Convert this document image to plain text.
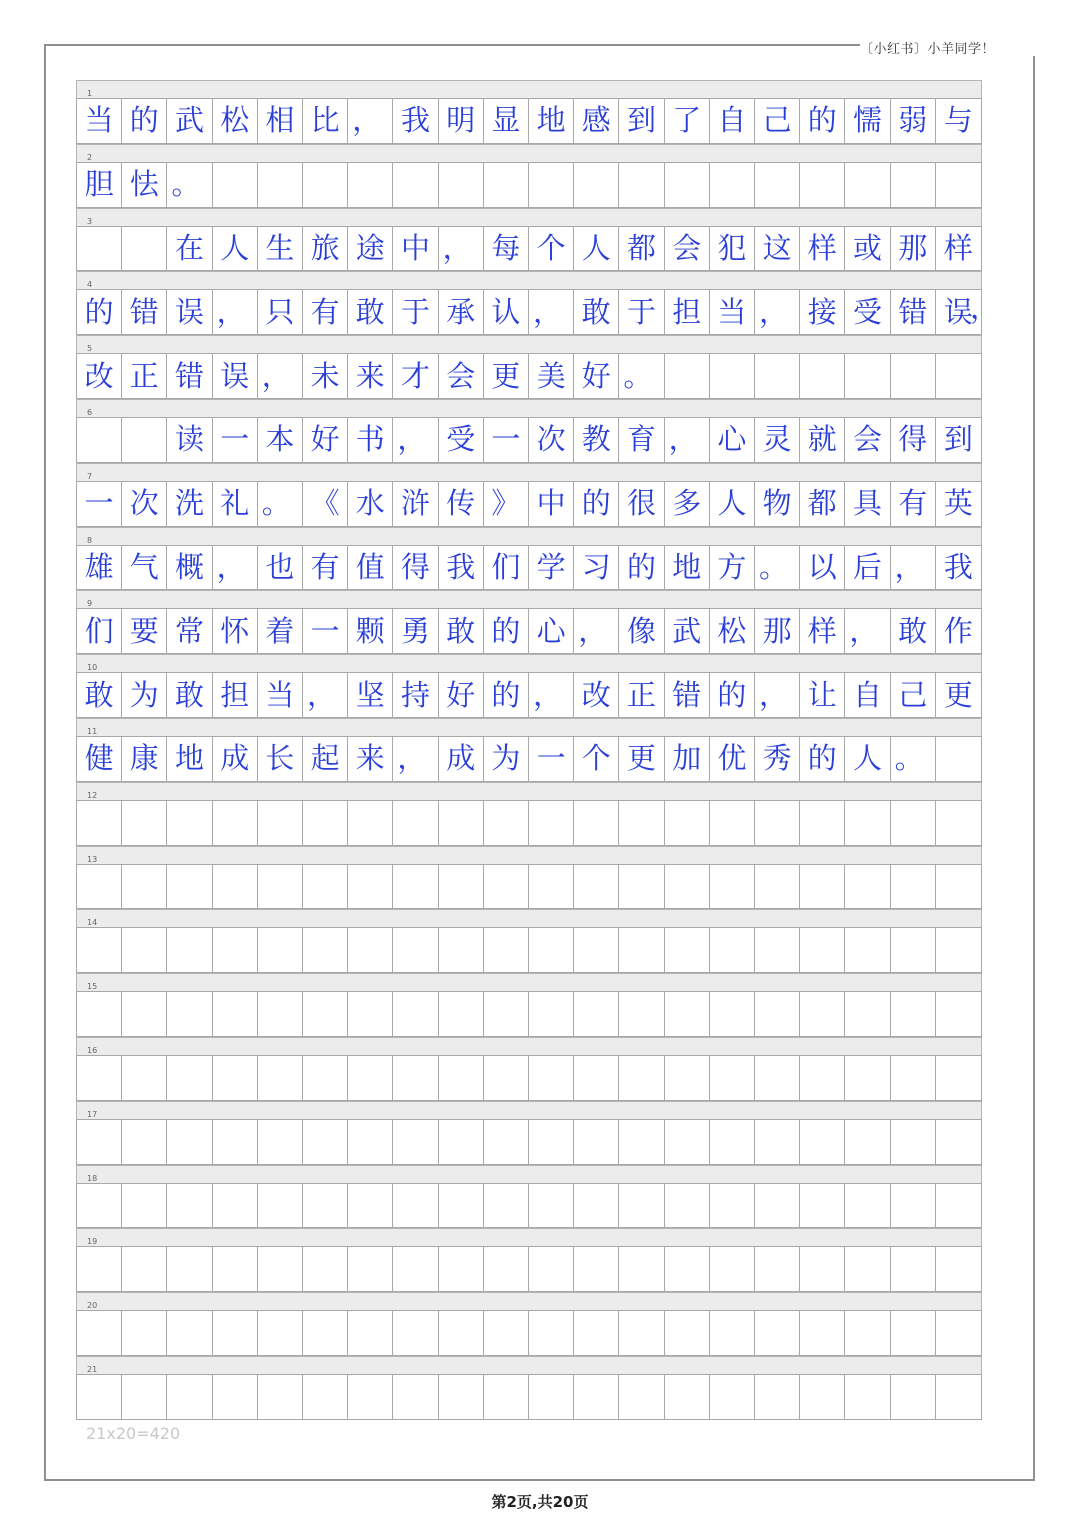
〔小红书〕小羊同学！
1
当 的 武 松 相 比 ， 我 明 显 地 感 到 了 自 己 的 懦 弱 与
2
胆 怯 。
3
在 人 生 旅 途 中 ， 每 个 人 都 会 犯 这 样 或 那 样
4
的 错 误 ， 只 有 敢 于 承 认 ， 敢 于 担 当 ， 接 受 错 误
，
5
改 正 错 误 ， 未 来 才 会 更 美 好 。
6
读 一 本 好 书 ， 受 一 次 教 育 ， 心 灵 就 会 得 到
7
一 次 洗 礼 。 《 水 浒 传 》 中 的 很 多 人 物 都 具 有 英
8
雄 气 概 ， 也 有 值 得 我 们 学 习 的 地 方 。 以 后 ， 我
9
们 要 常 怀 着 一 颗 勇 敢 的 心 ， 像 武 松 那 样 ， 敢 作
10
敢 为 敢 担 当 ， 坚 持 好 的 ， 改 正 错 的 ， 让 自 己 更
11
健 康 地 成 长 起 来 ， 成 为 一 个 更 加 优 秀 的 人 。
12
13
14
15
16
17
18
19
20
21
21x20=420
第2页,共20页
